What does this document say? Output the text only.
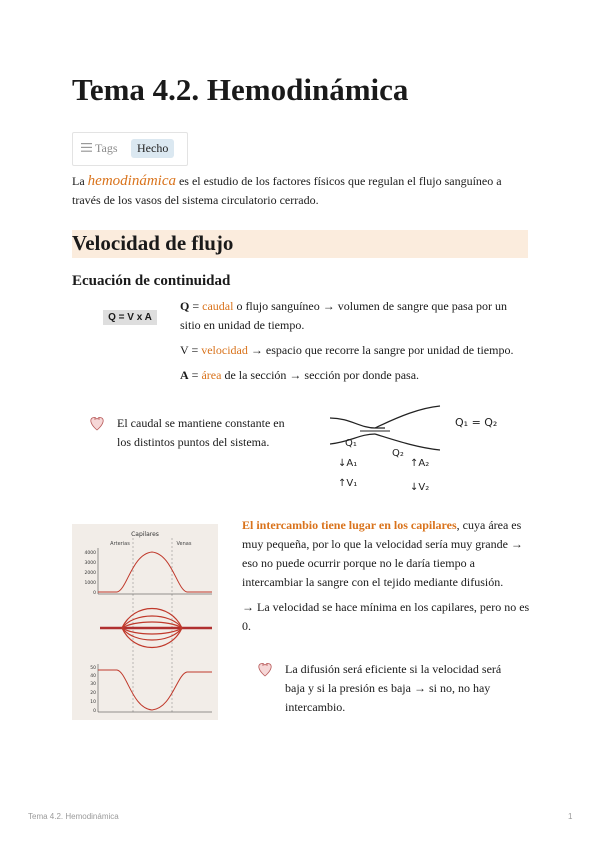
Tema 4.2. Hemodinámica
Tags	Hecho
La hemodinámica es el estudio de los factores físicos que regulan el flujo sanguíneo a través de los vasos del sistema circulatorio cerrado.
Velocidad de flujo
Ecuación de continuidad
Q = V x A

Q = caudal o flujo sanguíneo → volumen de sangre que pasa por un sitio en unidad de tiempo.

V = velocidad → espacio que recorre la sangre por unidad de tiempo.

A = área de la sección → sección por donde pasa.

El caudal se mantiene constante en los distintos puntos del sistema.
Q₁ = Q₂
Q₁
Q₂
↓A₁	↑A₂
↑V₁	↓V₂
Capilares
Arterias	Venas
4000
3000
2000
1000
0
50
40
30
20
10
0

El intercambio tiene lugar en los capilares, cuya área es muy pequeña, por lo que la velocidad sería muy grande → eso no puede ocurrir porque no le daría tiempo a intercambiar la sangre con el tejido mediante difusión.

→ La velocidad se hace mínima en los capilares, pero no es 0.

La difusión será eficiente si la velocidad será baja y si la presión es baja → si no, no hay intercambio.
Tema 4.2. Hemodinámica	1
